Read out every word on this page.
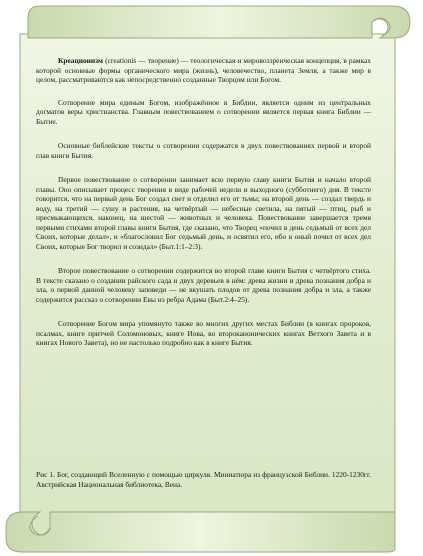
Креационизм (creationis — творение) — теологическая и мировоззренческая концепция, в рамках которой основные формы органического мира (жизнь), человечество, планета Земля, а также мир в целом, рассматриваются как непосредственно созданные Творцом или Богом.

Сотворение мира единым Богом, изображённое в Библии, является одним из центральных догматов веры христианства. Главным повествованием о сотворении является первая книга Библии — Бытие.

Основные библейские тексты о сотворении содержатся в двух повествованиях первой и второй глав книги Бытия.

Первое повествование о сотворении занимает всю первую главу книги Бытия и начало второй главы. Оно описывает процесс творения в виде рабочей недели и выходного (субботнего) дня. В тексте говорится, что на первый день Бог создал свет и отделил его от тьмы; на второй день — создал твердь и воду, на третий — сушу и растения, на четвёртый — небесные светила, на пятый — птиц, рыб и пресмыкающихся, наконец, на шестой — животных и человека. Повествование завершается тремя первыми стихами второй главы книги Бытия, где сказано, что Творец «почил в день седьмый от всех дел Своих, которые делал», и «благословил Бог седьмый день, и освятил его, ибо в оный почил от всех дел Своих, которые Бог творил и созидал» (Быт.1:1–2:3).

Второе повествование о сотворении содержится во второй главе книги Бытия с четвёртого стиха. В тексте сказано о создании райского сада и двух деревьев в нём: древа жизни и древа познания добра и зла, о первой данной человеку заповеди — не вкушать плодов от древа познания добра и зла, а также содержится рассказ о сотворении Евы из ребра Адама (Быт.2:4–25).

Сотворение Богом мира упомянуто также во многих других местах Библии (в книгах пророков, псалмах, книге притчей Соломоновых, книге Иова, во второканонических книгах Ветхого Завета и в книгах Нового Завета), но не настолько подробно как в книге Бытия.

Рис 1. Бог, создающий Вселенную с помощью циркуля. Миниатюра из французской Библии. 1220-1230гг. Австрийская Национальная библиотека, Вена.
